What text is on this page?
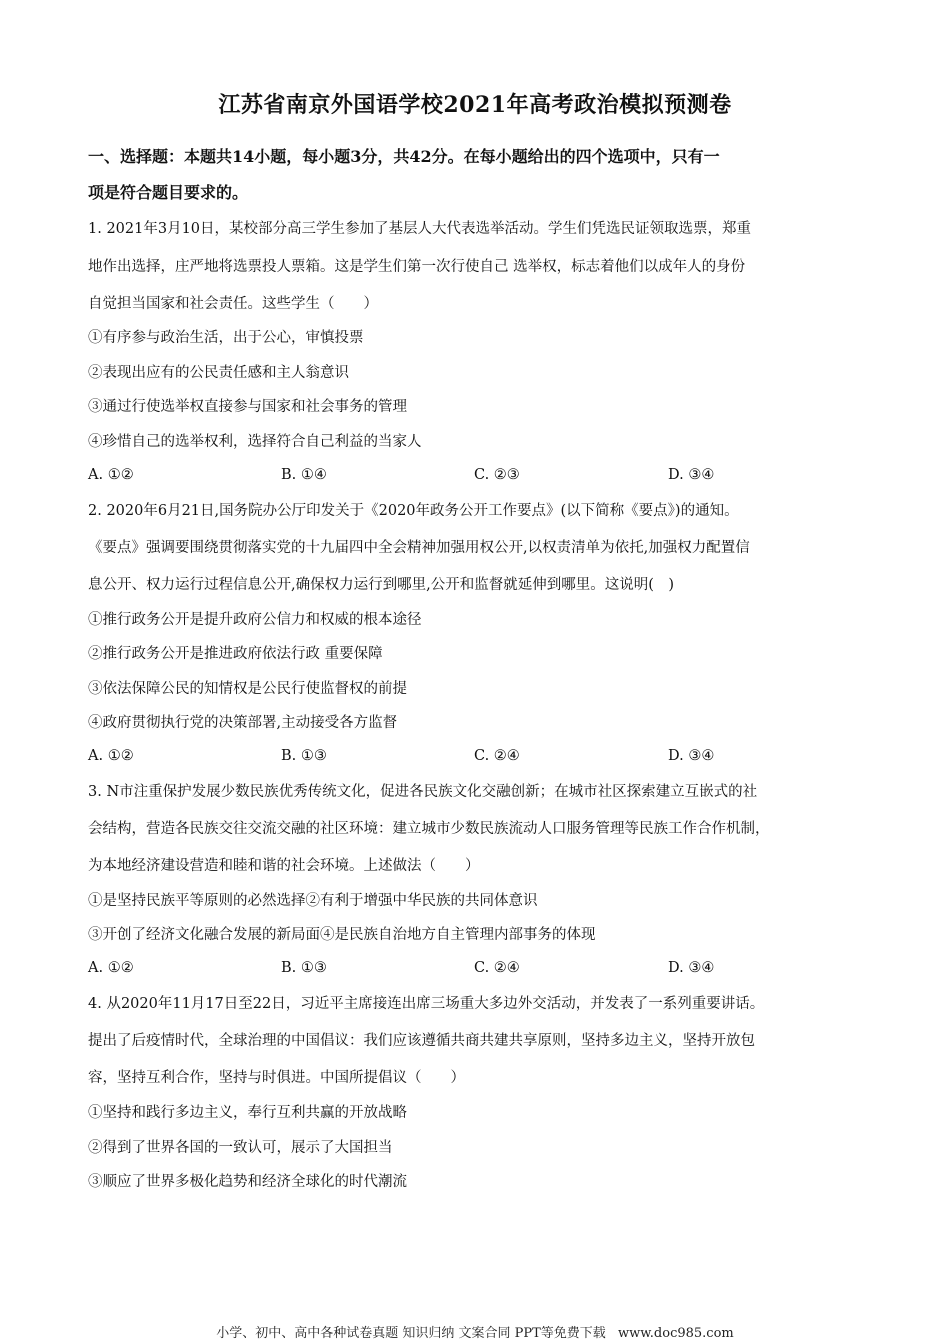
江苏省南京外国语学校2021年高考政治模拟预测卷
一、选择题：本题共14小题，每小题3分，共42分。在每小题给出的四个选项中，只有一
项是符合题目要求的。
1. 2021年3月10日，某校部分高三学生参加了基层人大代表选举活动。学生们凭选民证领取选票，郑重
地作出选择，庄严地将选票投人票箱。这是学生们第一次行使自己 选举权，标志着他们以成年人的身份
自觉担当国家和社会责任。这些学生（　　）
①有序参与政治生活，出于公心，审慎投票
②表现出应有的公民责任感和主人翁意识
③通过行使选举权直接参与国家和社会事务的管理
④珍惜自己的选举权利，选择符合自己利益的当家人
A. ①②	B. ①④	C. ②③	D. ③④
2. 2020年6月21日,国务院办公厅印发关于《2020年政务公开工作要点》(以下简称《要点》)的通知。
《要点》强调要围绕贯彻落实党的十九届四中全会精神加强用权公开,以权责清单为依托,加强权力配置信
息公开、权力运行过程信息公开,确保权力运行到哪里,公开和监督就延伸到哪里。这说明(　)
①推行政务公开是提升政府公信力和权威的根本途径
②推行政务公开是推进政府依法行政 重要保障
③依法保障公民的知情权是公民行使监督权的前提
④政府贯彻执行党的决策部署,主动接受各方监督
A. ①②	B. ①③	C. ②④	D. ③④
3. N市注重保护发展少数民族优秀传统文化，促进各民族文化交融创新；在城市社区探索建立互嵌式的社
会结构，营造各民族交往交流交融的社区环境：建立城市少数民族流动人口服务管理等民族工作合作机制，
为本地经济建设营造和睦和谐的社会环境。上述做法（　　）
①是坚持民族平等原则的必然选择②有利于增强中华民族的共同体意识
③开创了经济文化融合发展的新局面④是民族自治地方自主管理内部事务的体现
A. ①②	B. ①③	C. ②④	D. ③④
4. 从2020年11月17日至22日，习近平主席接连出席三场重大多边外交活动，并发表了一系列重要讲话。
提出了后疫情时代，全球治理的中国倡议：我们应该遵循共商共建共享原则，坚持多边主义，坚持开放包
容，坚持互利合作，坚持与时俱进。中国所提倡议（　　）
①坚持和践行多边主义，奉行互利共赢的开放战略
②得到了世界各国的一致认可，展示了大国担当
③顺应了世界多极化趋势和经济全球化的时代潮流
小学、初中、高中各种试卷真题 知识归纳 文案合同 PPT等免费下载 www.doc985.com
